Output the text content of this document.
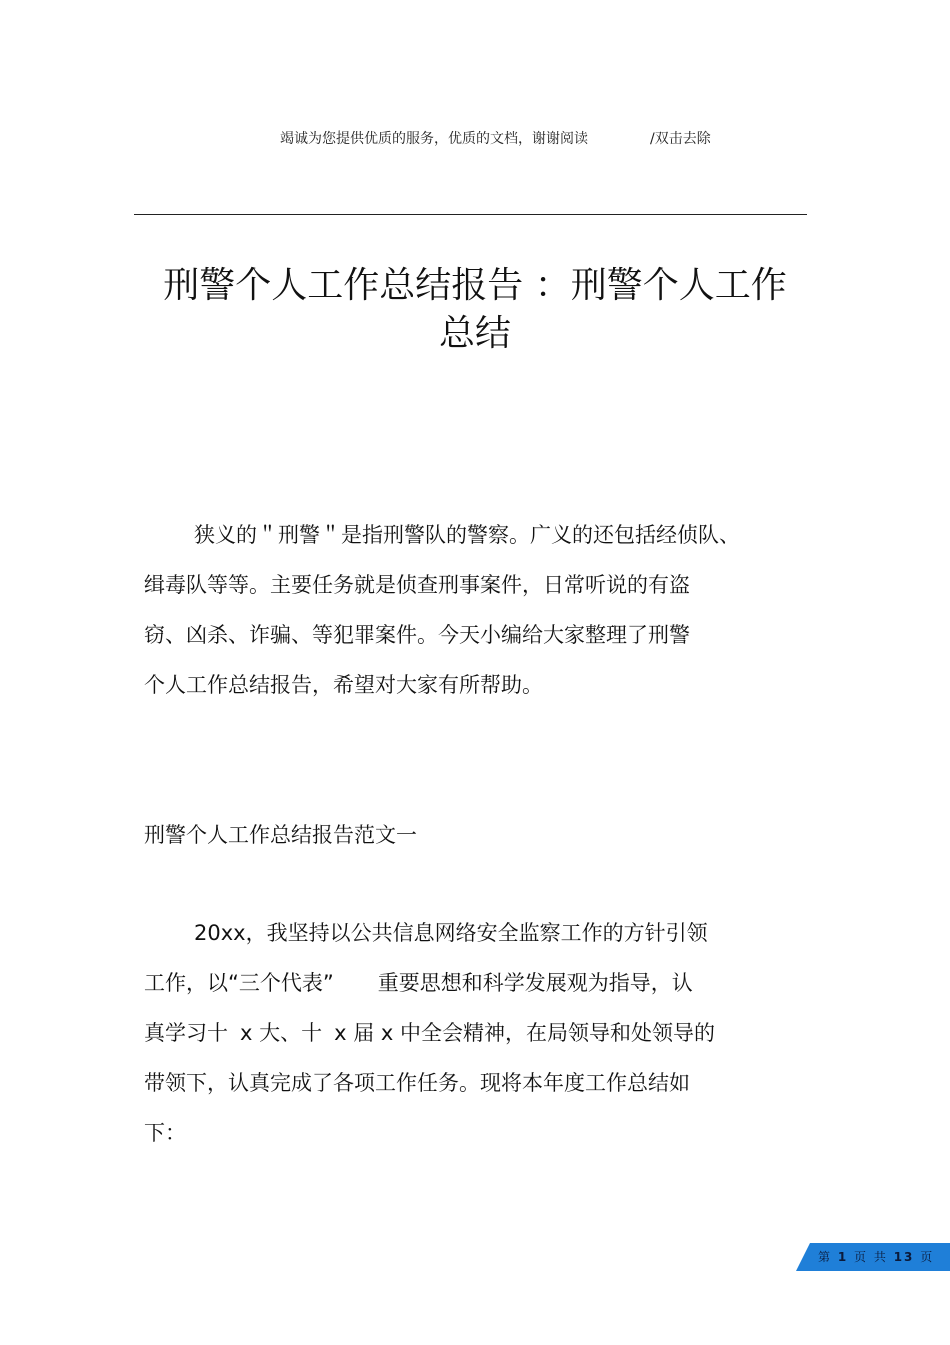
竭诚为您提供优质的服务，优质的文档，谢谢阅读	/双击去除
刑警个人工作总结报告 ：刑警个人工作
总结
狭义的＂刑警＂是指刑警队的警察。广义的还包括经侦队、
缉毒队等等。主要任务就是侦查刑事案件，日常听说的有盗
窃、凶杀、诈骗、等犯罪案件。今天小编给大家整理了刑警
个人工作总结报告，希望对大家有所帮助。
刑警个人工作总结报告范文一
20xx，我坚持以公共信息网络安全监察工作的方针引领
工作，以“三个代表” 重要思想和科学发展观为指导，认
真学习十 x 大、十 x 届 x 中全会精神，在局领导和处领导的
带领下，认真完成了各项工作任务。现将本年度工作总结如
下：
第 1 页 共 13 页
